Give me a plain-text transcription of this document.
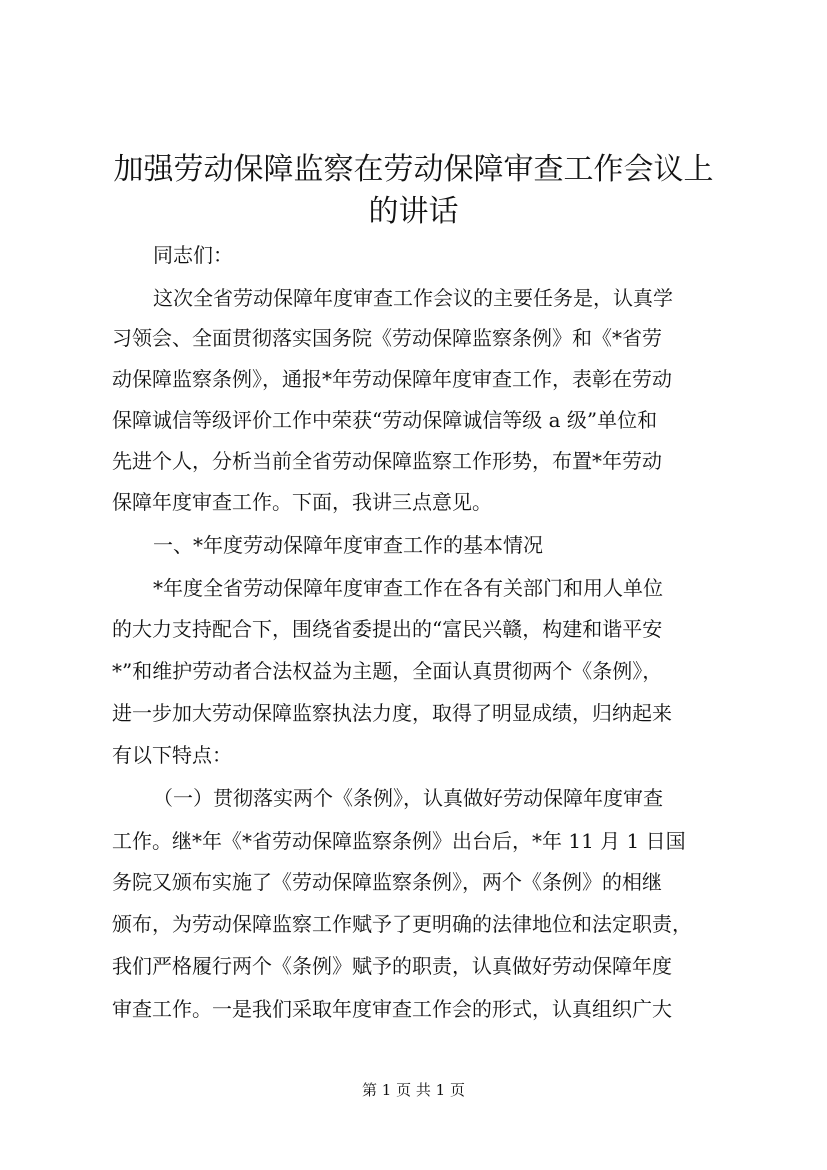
加强劳动保障监察在劳动保障审查工作会议上
的讲话

同志们：

这次全省劳动保障年度审查工作会议的主要任务是，认真学

习领会、全面贯彻落实国务院《劳动保障监察条例》和《*省劳

动保障监察条例》，通报*年劳动保障年度审查工作，表彰在劳动

保障诚信等级评价工作中荣获“劳动保障诚信等级 a 级”单位和

先进个人，分析当前全省劳动保障监察工作形势，布置*年劳动

保障年度审查工作。下面，我讲三点意见。

一、*年度劳动保障年度审查工作的基本情况

*年度全省劳动保障年度审查工作在各有关部门和用人单位

的大力支持配合下，围绕省委提出的“富民兴赣，构建和谐平安

*”和维护劳动者合法权益为主题，全面认真贯彻两个《条例》，

进一步加大劳动保障监察执法力度，取得了明显成绩，归纳起来

有以下特点：

（一）贯彻落实两个《条例》，认真做好劳动保障年度审查

工作。继*年《*省劳动保障监察条例》出台后，*年 11 月 1 日国

务院又颁布实施了《劳动保障监察条例》，两个《条例》的相继

颁布，为劳动保障监察工作赋予了更明确的法律地位和法定职责，

我们严格履行两个《条例》赋予的职责，认真做好劳动保障年度

审查工作。一是我们采取年度审查工作会的形式，认真组织广大

第 1 页 共 1 页
